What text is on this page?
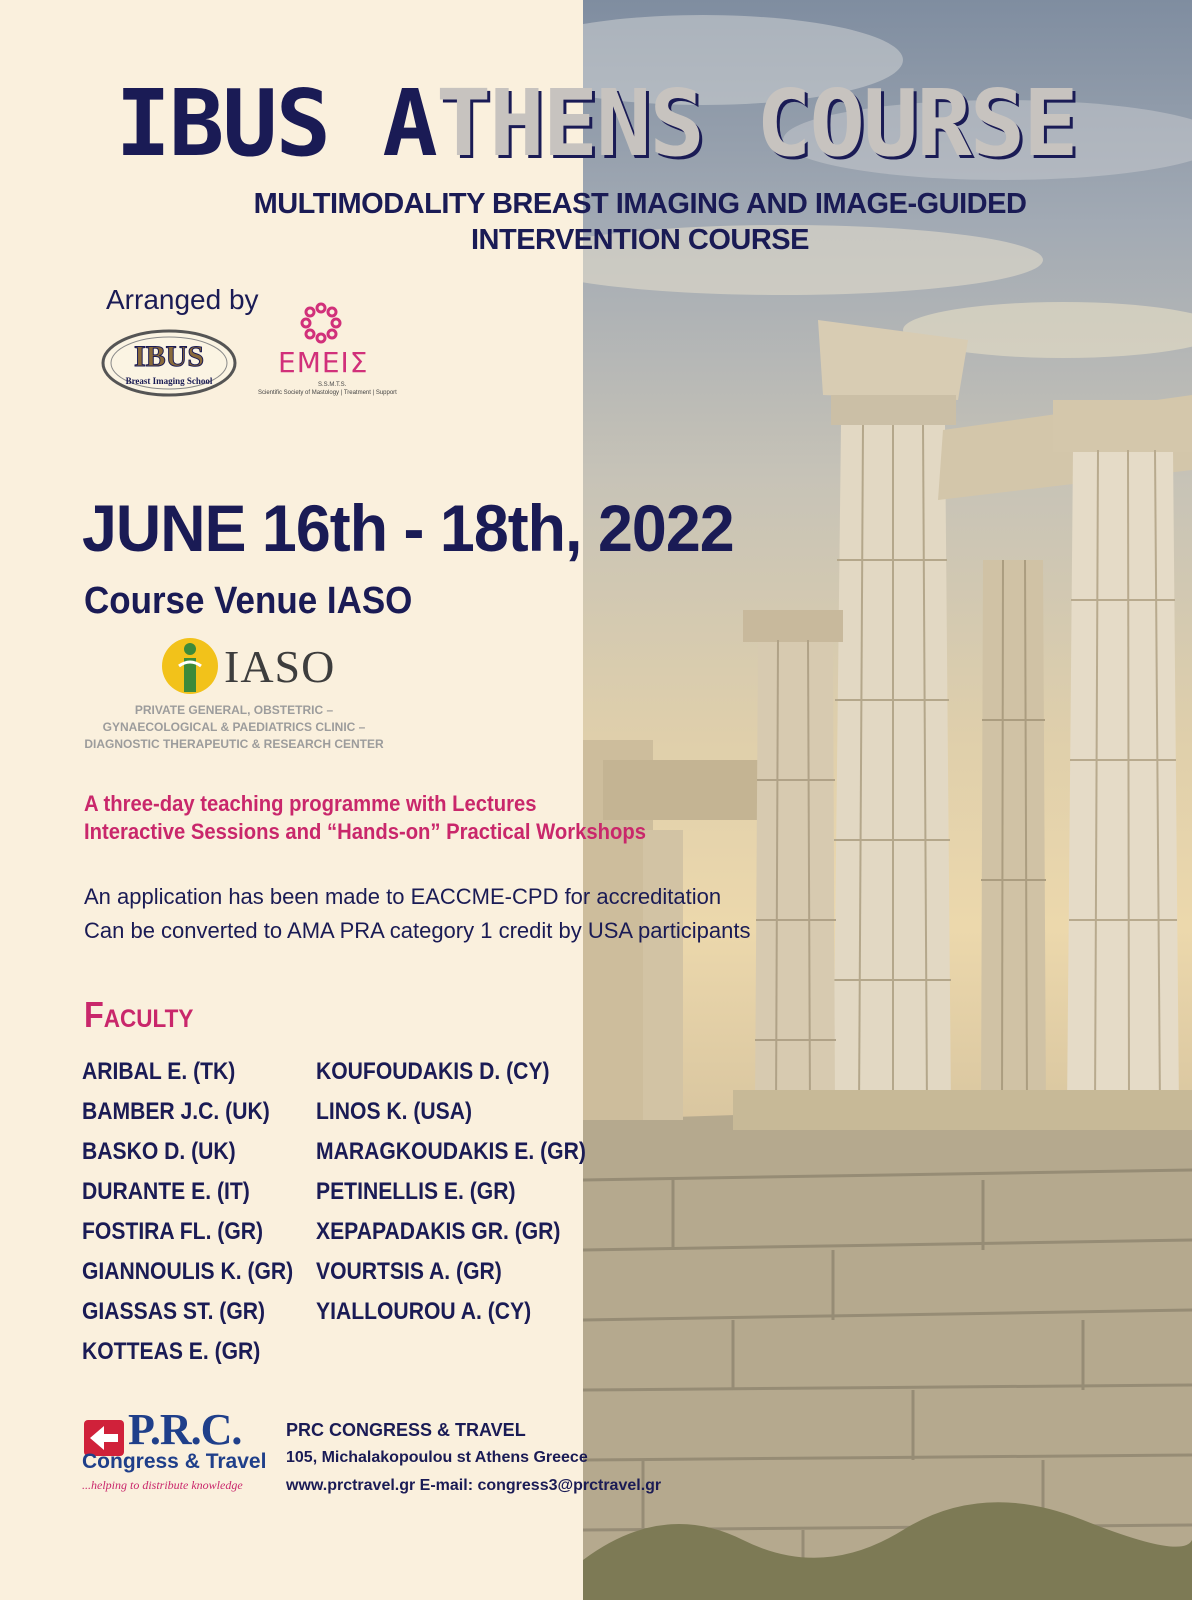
IBUS ATHENS COURSE
MULTIMODALITY BREAST IMAGING AND IMAGE-GUIDED INTERVENTION COURSE
Arranged by
IBUS
Breast Imaging School
ΕΜΕΙΣ
S.S.M.T.S.
Scientific Society of Mastology | Treatment | Support
JUNE 16th - 18th, 2022
Course Venue IASO
IASO
PRIVATE GENERAL, OBSTETRIC – GYNAECOLOGICAL & PAEDIATRICS CLINIC – DIAGNOSTIC THERAPEUTIC & RESEARCH CENTER
A three-day teaching programme with Lectures
Interactive Sessions and “Hands-on” Practical Workshops
An application has been made to EACCME-CPD for accreditation
Can be converted to AMA PRA category 1 credit by USA participants
Faculty
ARIBAL E. (TK)
BAMBER J.C. (UK)
BASKO D. (UK)
DURANTE E. (IT)
FOSTIRA FL. (GR)
GIANNOULIS K. (GR)
GIASSAS ST. (GR)
KOTTEAS E. (GR)
KOUFOUDAKIS D. (CY)
LINOS K. (USA)
MARAGKOUDAKIS E. (GR)
PETINELLIS E. (GR)
XEPAPADAKIS GR. (GR)
VOURTSIS A. (GR)
YIALLOUROU A. (CY)
P.R.C.
Congress & Travel
...helping to distribute knowledge
PRC CONGRESS & TRAVEL
105, Michalakopoulou st Athens Greece
www.prctravel.gr E-mail: congress3@prctravel.gr
